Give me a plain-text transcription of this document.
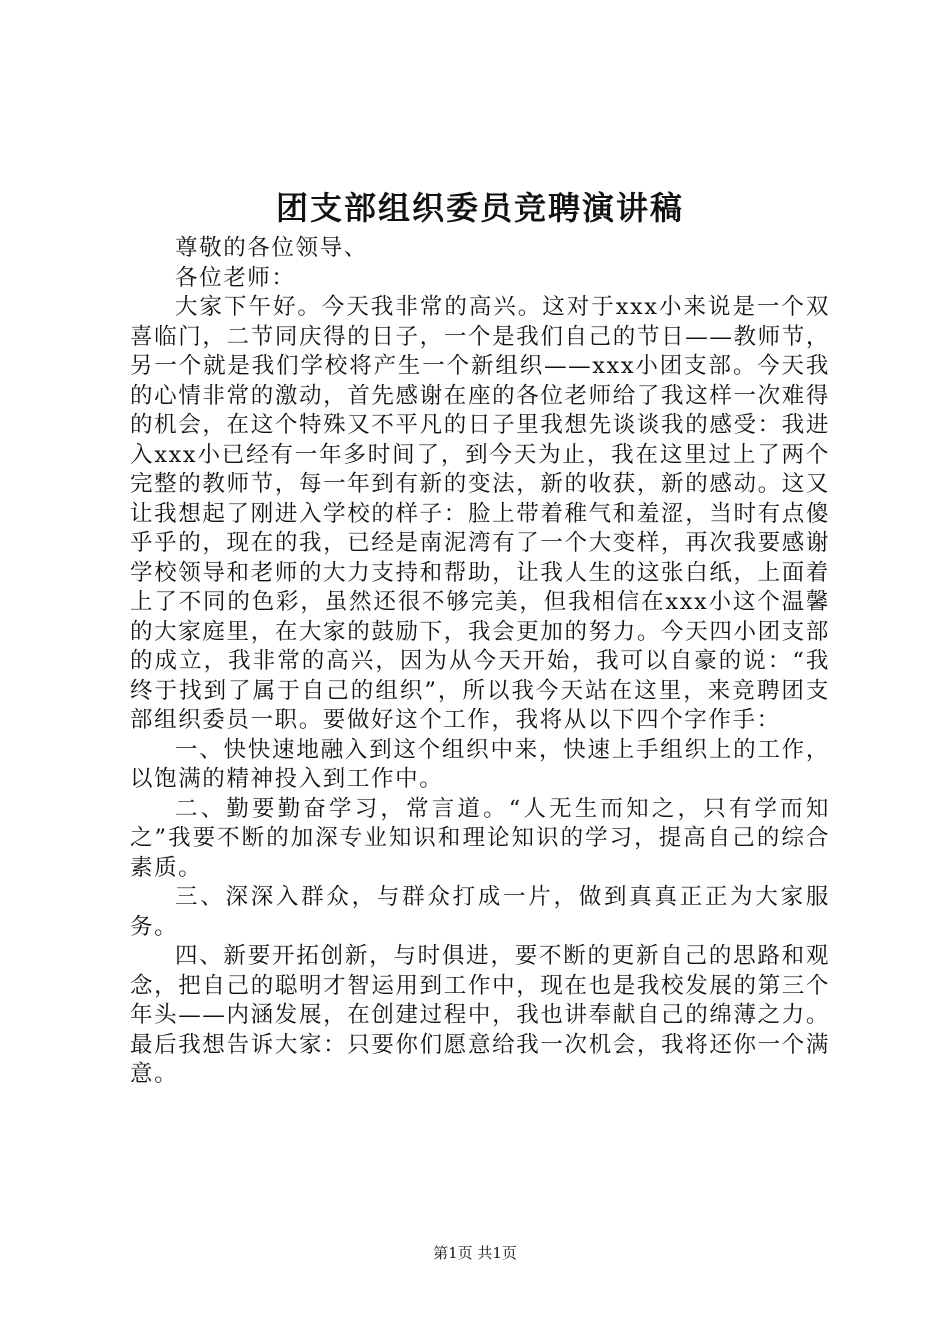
团支部组织委员竞聘演讲稿

尊敬的各位领导、

各位老师：

大家下午好。今天我非常的高兴。这对于xxx小来说是一个双喜临门，二节同庆得的日子，一个是我们自己的节日——教师节，另一个就是我们学校将产生一个新组织——xxx小团支部。今天我的心情非常的激动，首先感谢在座的各位老师给了我这样一次难得的机会，在这个特殊又不平凡的日子里我想先谈谈我的感受：我进入xxx小已经有一年多时间了，到今天为止，我在这里过上了两个完整的教师节，每一年到有新的变法，新的收获，新的感动。这又让我想起了刚进入学校的样子：脸上带着稚气和羞涩，当时有点傻乎乎的，现在的我，已经是南泥湾有了一个大变样，再次我要感谢学校领导和老师的大力支持和帮助，让我人生的这张白纸，上面着上了不同的色彩，虽然还很不够完美，但我相信在xxx小这个温馨的大家庭里，在大家的鼓励下，我会更加的努力。今天四小团支部的成立，我非常的高兴，因为从今天开始，我可以自豪的说：“我终于找到了属于自己的组织”，所以我今天站在这里，来竞聘团支部组织委员一职。要做好这个工作，我将从以下四个字作手：

一、快快速地融入到这个组织中来，快速上手组织上的工作，以饱满的精神投入到工作中。

二、勤要勤奋学习，常言道。“人无生而知之，只有学而知之”我要不断的加深专业知识和理论知识的学习，提高自己的综合素质。

三、深深入群众，与群众打成一片，做到真真正正为大家服务。

四、新要开拓创新，与时俱进，要不断的更新自己的思路和观念，把自己的聪明才智运用到工作中，现在也是我校发展的第三个年头——内涵发展，在创建过程中，我也讲奉献自己的绵薄之力。最后我想告诉大家：只要你们愿意给我一次机会，我将还你一个满意。

第1页 共1页
